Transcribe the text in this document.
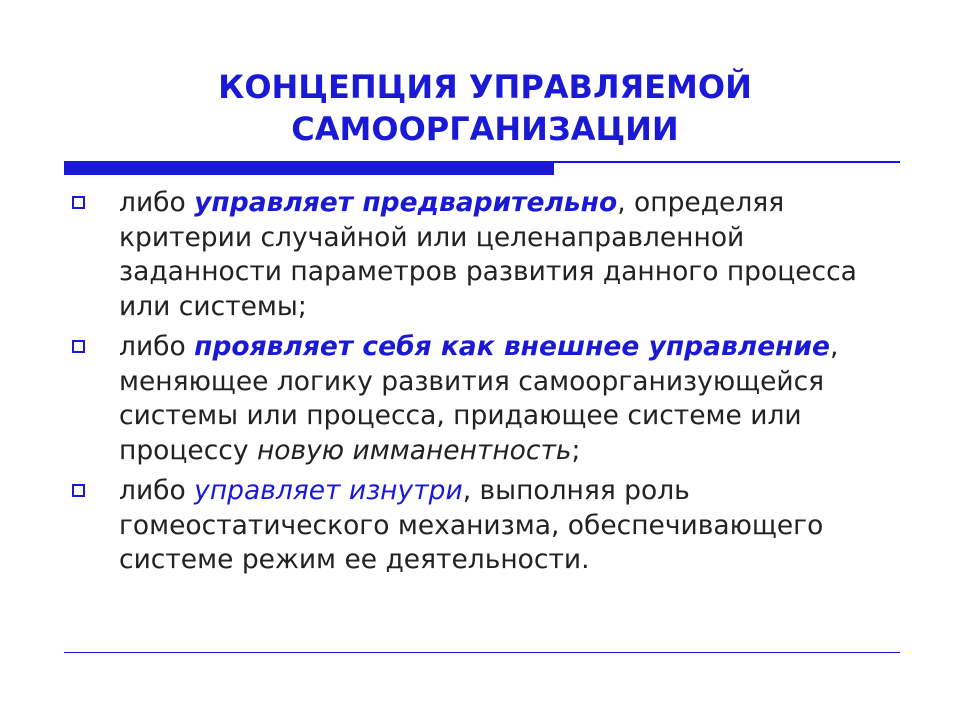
КОНЦЕПЦИЯ УПРАВЛЯЕМОЙ
САМООРГАНИЗАЦИИ
либо управляет предварительно, определяя критерии случайной или целенаправленной заданности параметров развития данного процесса или системы;
либо проявляет себя как внешнее управление, меняющее логику развития самоорганизующейся системы или процесса, придающее системе или процессу новую имманентность;
либо управляет изнутри, выполняя роль гомеостатического механизма, обеспечивающего системе режим ее деятельности.
